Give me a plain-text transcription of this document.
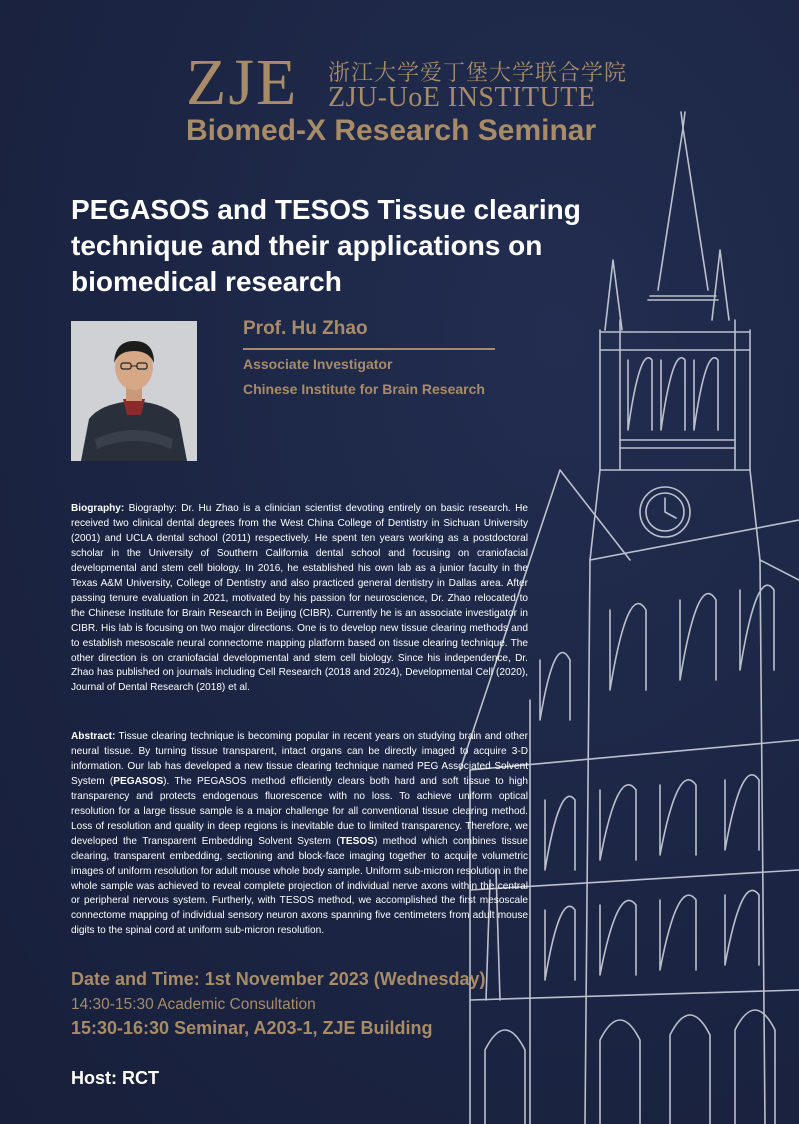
ZJE 浙江大学爱丁堡大学联合学院
ZJU-UoE INSTITUTE
Biomed-X Research Seminar
PEGASOS and TESOS Tissue clearing technique and their applications on biomedical research
Prof. Hu Zhao
Associate Investigator
Chinese Institute for Brain Research

Biography: Biography: Dr. Hu Zhao is a clinician scientist devoting entirely on basic research. He received two clinical dental degrees from the West China College of Dentistry in Sichuan University (2001) and UCLA dental school (2011) respectively. He spent ten years working as a postdoctoral scholar in the University of Southern California dental school and focusing on craniofacial developmental and stem cell biology. In 2016, he established his own lab as a junior faculty in the Texas A&M University, College of Dentistry and also practiced general dentistry in Dallas area. After passing tenure evaluation in 2021, motivated by his passion for neuroscience, Dr. Zhao relocated to the Chinese Institute for Brain Research in Beijing (CIBR). Currently he is an associate investigator in CIBR. His lab is focusing on two major directions. One is to develop new tissue clearing methods and to establish mesoscale neural connectome mapping platform based on tissue clearing technique. The other direction is on craniofacial developmental and stem cell biology. Since his independence, Dr. Zhao has published on journals including Cell Research (2018 and 2024), Developmental Cell (2020), Journal of Dental Research (2018) et al.

Abstract: Tissue clearing technique is becoming popular in recent years on studying brain and other neural tissue. By turning tissue transparent, intact organs can be directly imaged to acquire 3-D information. Our lab has developed a new tissue clearing technique named PEG Associated Solvent System (PEGASOS). The PEGASOS method efficiently clears both hard and soft tissue to high transparency and protects endogenous fluorescence with no loss. To achieve uniform optical resolution for a large tissue sample is a major challenge for all conventional tissue clearing method. Loss of resolution and quality in deep regions is inevitable due to limited transparency. Therefore, we developed the Transparent Embedding Solvent System (TESOS) method which combines tissue clearing, transparent embedding, sectioning and block-face imaging together to acquire volumetric images of uniform resolution for adult mouse whole body sample. Uniform sub-micron resolution in the whole sample was achieved to reveal complete projection of individual nerve axons within the central or peripheral nervous system. Furtherly, with TESOS method, we accomplished the first mesoscale connectome mapping of individual sensory neuron axons spanning five centimeters from adult mouse digits to the spinal cord at uniform sub-micron resolution.

Date and Time: 1st November 2023 (Wednesday)
14:30-15:30 Academic Consultation
15:30-16:30 Seminar, A203-1, ZJE Building
Host: RCT
